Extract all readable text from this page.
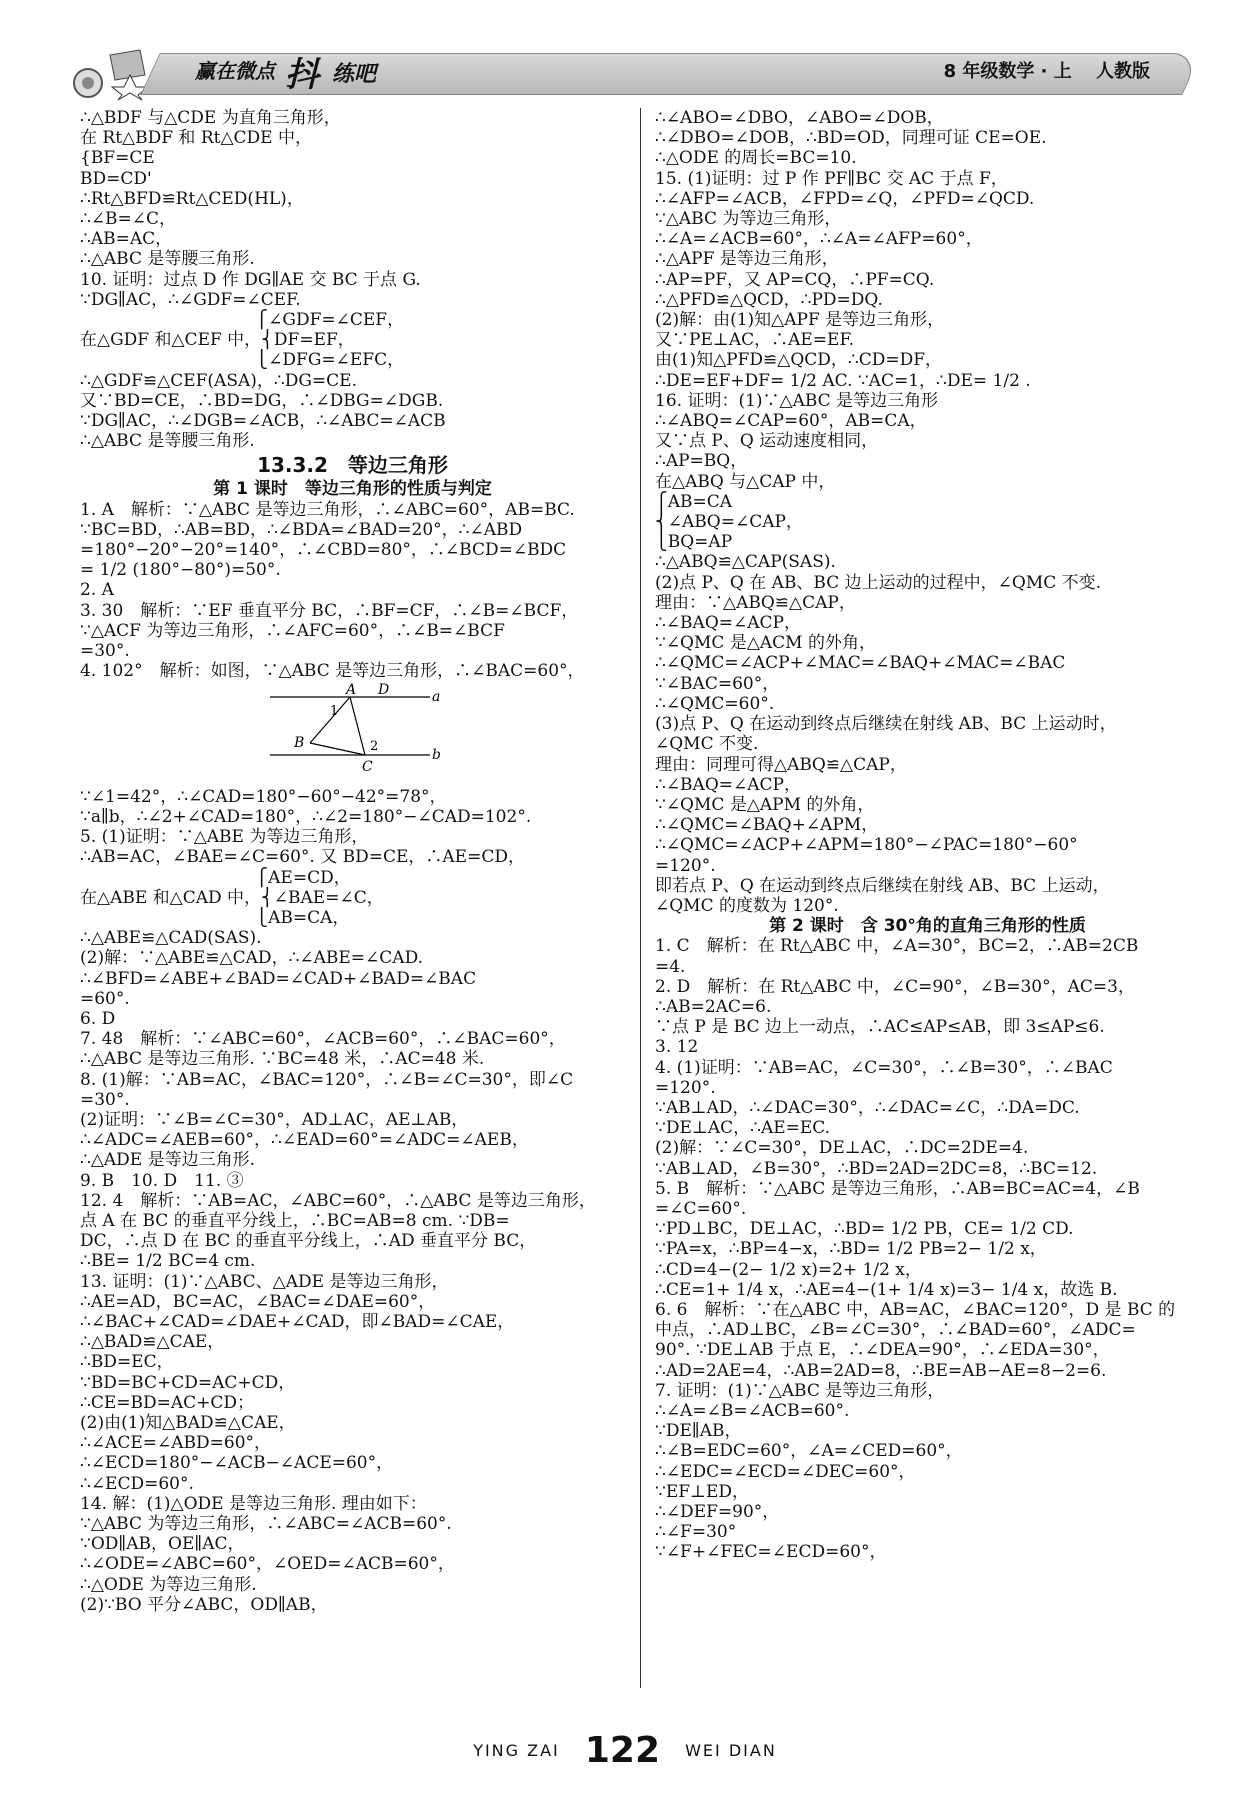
赢在微点 抖 练吧	8 年级数学 · 上 　人教版
∴△BDF 与△CDE 为直角三角形，
在 Rt△BDF 和 Rt△CDE 中，
{BF=CE
BD=CD'
∴Rt△BFD≌Rt△CED(HL)，
∴∠B=∠C，
∴AB=AC，
∴△ABC 是等腰三角形.
10. 证明：过点 D 作 DG∥AE 交 BC 于点 G.
∵DG∥AC，∴∠GDF=∠CEF.
　　　　　　　　　　 ⎧∠GDF=∠CEF，
在△GDF 和△CEF 中，⎨DF=EF，
　　　　　　　　　　 ⎩∠DFG=∠EFC，
∴△GDF≌△CEF(ASA)，∴DG=CE.
又∵BD=CE，∴BD=DG，∴∠DBG=∠DGB.
∵DG∥AC，∴∠DGB=∠ACB，∴∠ABC=∠ACB
∴△ABC 是等腰三角形.
13.3.2　等边三角形
第 1 课时　等边三角形的性质与判定
1. A　解析：∵△ABC 是等边三角形，∴∠ABC=60°，AB=BC.
∵BC=BD，∴AB=BD，∴∠BDA=∠BAD=20°，∴∠ABD
=180°−20°−20°=140°，∴∠CBD=80°，∴∠BCD=∠BDC
= 1/2 (180°−80°)=50°.
2. A
3. 30　解析：∵EF 垂直平分 BC，∴BF=CF，∴∠B=∠BCF，
∵△ACF 为等边三角形，∴∠AFC=60°，∴∠B=∠BCF
=30°.
4. 102°　解析：如图，∵△ABC 是等边三角形，∴∠BAC=60°，
A D	a
B
1
2
C
b
∵∠1=42°，∴∠CAD=180°−60°−42°=78°，
∵a∥b，∴∠2+∠CAD=180°，∴∠2=180°−∠CAD=102°.
5. (1)证明：∵△ABE 为等边三角形，
∴AB=AC，∠BAE=∠C=60°. 又 BD=CE，∴AE=CD，
　　　　　　　　　　 ⎧AE=CD，
在△ABE 和△CAD 中，⎨∠BAE=∠C，
　　　　　　　　　　 ⎩AB=CA，
∴△ABE≌△CAD(SAS).
(2)解：∵△ABE≌△CAD，∴∠ABE=∠CAD.
∴∠BFD=∠ABE+∠BAD=∠CAD+∠BAD=∠BAC
=60°.
6. D
7. 48　解析：∵∠ABC=60°，∠ACB=60°，∴∠BAC=60°，
∴△ABC 是等边三角形. ∵BC=48 米，∴AC=48 米.
8. (1)解：∵AB=AC，∠BAC=120°，∴∠B=∠C=30°，即∠C
=30°.
(2)证明：∵∠B=∠C=30°，AD⊥AC，AE⊥AB，
∴∠ADC=∠AEB=60°，∴∠EAD=60°=∠ADC=∠AEB，
∴△ADE 是等边三角形.
9. B　10. D　11. ③
12. 4　解析：∵AB=AC，∠ABC=60°，∴△ABC 是等边三角形，
点 A 在 BC 的垂直平分线上，∴BC=AB=8 cm. ∵DB=
DC，∴点 D 在 BC 的垂直平分线上，∴AD 垂直平分 BC，
∴BE= 1/2 BC=4 cm.
13. 证明：(1)∵△ABC、△ADE 是等边三角形，
∴AE=AD，BC=AC，∠BAC=∠DAE=60°，
∴∠BAC+∠CAD=∠DAE+∠CAD，即∠BAD=∠CAE，
∴△BAD≌△CAE，
∴BD=EC，
∵BD=BC+CD=AC+CD，
∴CE=BD=AC+CD；
(2)由(1)知△BAD≌△CAE，
∴∠ACE=∠ABD=60°，
∴∠ECD=180°−∠ACB−∠ACE=60°，
∴∠ECD=60°.
14. 解：(1)△ODE 是等边三角形. 理由如下：
∵△ABC 为等边三角形，∴∠ABC=∠ACB=60°.
∵OD∥AB，OE∥AC，
∴∠ODE=∠ABC=60°，∠OED=∠ACB=60°，
∴△ODE 为等边三角形.
(2)∵BO 平分∠ABC，OD∥AB，
∴∠ABO=∠DBO，∠ABO=∠DOB，
∴∠DBO=∠DOB，∴BD=OD，同理可证 CE=OE.
∴△ODE 的周长=BC=10.
15. (1)证明：过 P 作 PF∥BC 交 AC 于点 F，
∴∠AFP=∠ACB，∠FPD=∠Q，∠PFD=∠QCD.
∵△ABC 为等边三角形，
∴∠A=∠ACB=60°，∴∠A=∠AFP=60°，
∴△APF 是等边三角形，
∴AP=PF，又 AP=CQ，∴PF=CQ.
∴△PFD≌△QCD，∴PD=DQ.
(2)解：由(1)知△APF 是等边三角形，
又∵PE⊥AC，∴AE=EF.
由(1)知△PFD≌△QCD，∴CD=DF，
∴DE=EF+DF= 1/2 AC. ∵AC=1，∴DE= 1/2 .
16. 证明：(1)∵△ABC 是等边三角形
∴∠ABQ=∠CAP=60°，AB=CA，
又∵点 P、Q 运动速度相同，
∴AP=BQ，
在△ABQ 与△CAP 中，
⎧AB=CA
⎨∠ABQ=∠CAP，
⎩BQ=AP
∴△ABQ≌△CAP(SAS).
(2)点 P、Q 在 AB、BC 边上运动的过程中，∠QMC 不变.
理由：∵△ABQ≌△CAP，
∴∠BAQ=∠ACP，
∵∠QMC 是△ACM 的外角，
∴∠QMC=∠ACP+∠MAC=∠BAQ+∠MAC=∠BAC
∵∠BAC=60°，
∴∠QMC=60°.
(3)点 P、Q 在运动到终点后继续在射线 AB、BC 上运动时，
∠QMC 不变.
理由：同理可得△ABQ≌△CAP，
∴∠BAQ=∠ACP，
∵∠QMC 是△APM 的外角，
∴∠QMC=∠BAQ+∠APM，
∴∠QMC=∠ACP+∠APM=180°−∠PAC=180°−60°
=120°.
即若点 P、Q 在运动到终点后继续在射线 AB、BC 上运动，
∠QMC 的度数为 120°.
第 2 课时　含 30°角的直角三角形的性质
1. C　解析：在 Rt△ABC 中，∠A=30°，BC=2，∴AB=2CB
=4.
2. D　解析：在 Rt△ABC 中，∠C=90°，∠B=30°，AC=3，
∴AB=2AC=6.
∵点 P 是 BC 边上一动点，∴AC≤AP≤AB，即 3≤AP≤6.
3. 12
4. (1)证明：∵AB=AC，∠C=30°，∴∠B=30°，∴∠BAC
=120°.
∵AB⊥AD，∴∠DAC=30°，∴∠DAC=∠C，∴DA=DC.
∵DE⊥AC，∴AE=EC.
(2)解：∵∠C=30°，DE⊥AC，∴DC=2DE=4.
∵AB⊥AD，∠B=30°，∴BD=2AD=2DC=8，∴BC=12.
5. B　解析：∵△ABC 是等边三角形，∴AB=BC=AC=4，∠B
=∠C=60°.
∵PD⊥BC，DE⊥AC，∴BD= 1/2 PB，CE= 1/2 CD.
∵PA=x，∴BP=4−x，∴BD= 1/2 PB=2− 1/2 x，
∴CD=4−(2− 1/2 x)=2+ 1/2 x，
∴CE=1+ 1/4 x，∴AE=4−(1+ 1/4 x)=3− 1/4 x，故选 B.
6. 6　解析：∵在△ABC 中，AB=AC，∠BAC=120°，D 是 BC 的
中点，∴AD⊥BC，∠B=∠C=30°，∴∠BAD=60°，∠ADC=
90°. ∵DE⊥AB 于点 E，∴∠DEA=90°，∴∠EDA=30°，
∴AD=2AE=4，∴AB=2AD=8，∴BE=AB−AE=8−2=6.
7. 证明：(1)∵△ABC 是等边三角形，
∴∠A=∠B=∠ACB=60°.
∵DE∥AB，
∴∠B=EDC=60°，∠A=∠CED=60°，
∴∠EDC=∠ECD=∠DEC=60°，
∵EF⊥ED，
∴∠DEF=90°，
∴∠F=30°
∵∠F+∠FEC=∠ECD=60°，
YING ZAI 122 WEI DIAN
